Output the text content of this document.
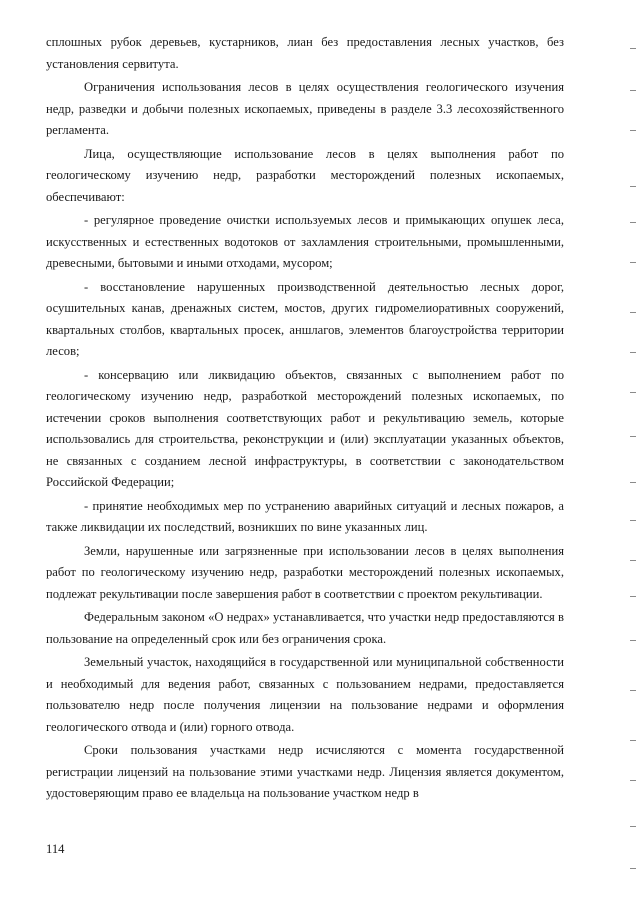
сплошных рубок деревьев, кустарников, лиан без предоставления лесных участков, без установления сервитута.

Ограничения использования лесов в целях осуществления геологического изучения недр, разведки и добычи полезных ископаемых, приведены в разделе 3.3 лесохозяйственного регламента.

Лица, осуществляющие использование лесов в целях выполнения работ по геологическому изучению недр, разработки месторождений полезных ископаемых, обеспечивают:

- регулярное проведение очистки используемых лесов и примыкающих опушек леса, искусственных и естественных водотоков от захламления строительными, промышленными, древесными, бытовыми и иными отходами, мусором;

- восстановление нарушенных производственной деятельностью лесных дорог, осушительных канав, дренажных систем, мостов, других гидромелиоративных сооружений, квартальных столбов, квартальных просек, аншлагов, элементов благоустройства территории лесов;

- консервацию или ликвидацию объектов, связанных с выполнением работ по геологическому изучению недр, разработкой месторождений полезных ископаемых, по истечении сроков выполнения соответствующих работ и рекультивацию земель, которые использовались для строительства, реконструкции и (или) эксплуатации указанных объектов, не связанных с созданием лесной инфраструктуры, в соответствии с законодательством Российской Федерации;

- принятие необходимых мер по устранению аварийных ситуаций и лесных пожаров, а также ликвидации их последствий, возникших по вине указанных лиц.

Земли, нарушенные или загрязненные при использовании лесов в целях выполнения работ по геологическому изучению недр, разработки месторождений полезных ископаемых, подлежат рекультивации после завершения работ в соответствии с проектом рекультивации.

Федеральным законом «О недрах» устанавливается, что участки недр предоставляются в пользование на определенный срок или без ограничения срока.

Земельный участок, находящийся в государственной или муниципальной собственности и необходимый для ведения работ, связанных с пользованием недрами, предоставляется пользователю недр после получения лицензии на пользование недрами и оформления геологического отвода и (или) горного отвода.

Сроки пользования участками недр исчисляются с момента государственной регистрации лицензий на пользование этими участками недр. Лицензия является документом, удостоверяющим право ее владельца на пользование участком недр в

114
